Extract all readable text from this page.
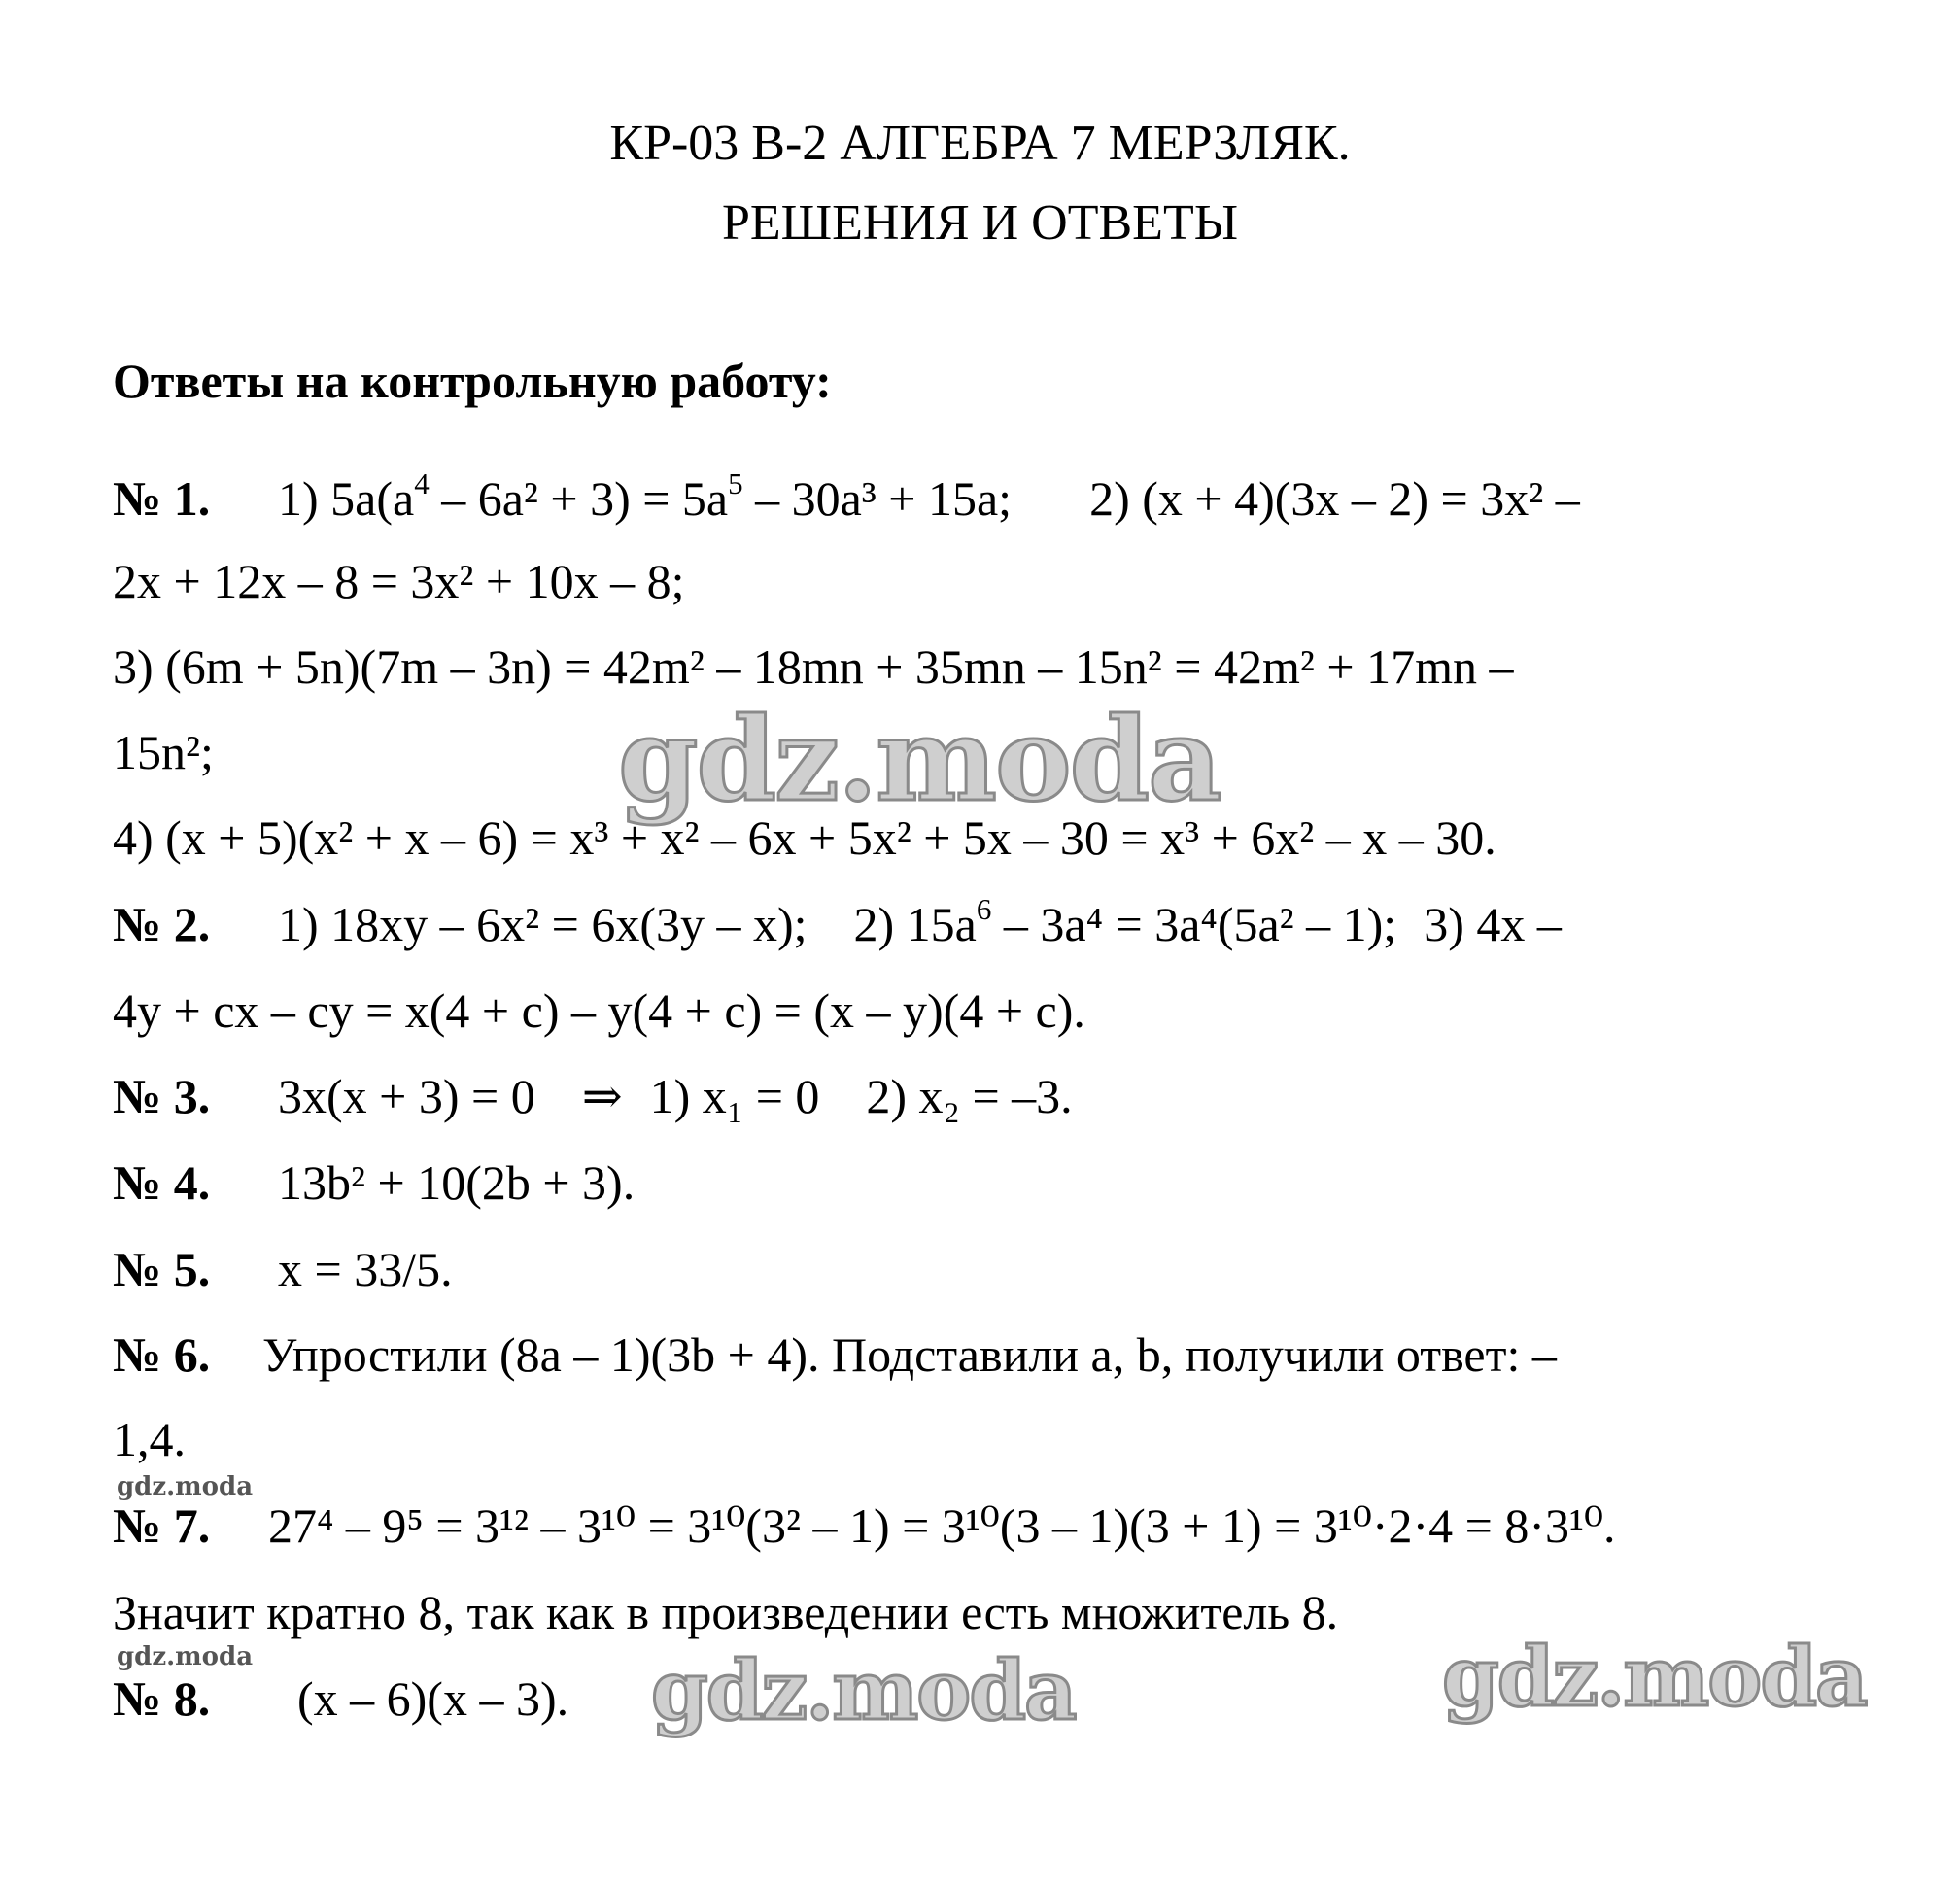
КР-03 В-2 АЛГЕБРА 7 МЕРЗЛЯК.
РЕШЕНИЯ И ОТВЕТЫ
Ответы на контрольную работу:
№ 1. 1) $5a(a^4 - 6a^2 + 3) = 5a^5 - 30a^3 + 15a$; 2) (x + 4)(3x – 2) = 3x² –
2x + 12x – 8 = 3x² + 10x – 8;
3) (6m + 5n)(7m – 3n) = 42m² – 18mn + 35mn – 15n² = 42m² + 17mn –
15n²;
4) (x + 5)(x² + x – 6) = x³ + x² – 6x + 5x² + 5x – 30 = x³ + 6x² – x – 30.
№ 2. 1) 18xy – 6x² = 6x(3y – x); 2) $15a^6 - 3a^4 = 3a^4(5a^2 - 1)$; 3) 4x –
4y + cx – cy = x(4 + c) – y(4 + c) = (x – y)(4 + c).
№ 3. 3x(x + 3) = 0 ⇒ 1) x₁ = 0 2) x₂ = –3.
№ 4. 13b² + 10(2b + 3).
№ 5. x = 33/5.
№ 6. Упростили (8a – 1)(3b + 4). Подставили a, b, получили ответ: –
1,4.
№ 7. 27⁴ – 9⁵ = 3¹² – 3¹⁰ = 3¹⁰(3² – 1) = 3¹⁰(3 – 1)(3 + 1) = 3¹⁰·2·4 = 8·3¹⁰.
Значит кратно 8, так как в произведении есть множитель 8.
№ 8. (x – 6)(x – 3).
gdz.moda
gdz.moda	gdz.moda
gdz.moda
gdz.moda
